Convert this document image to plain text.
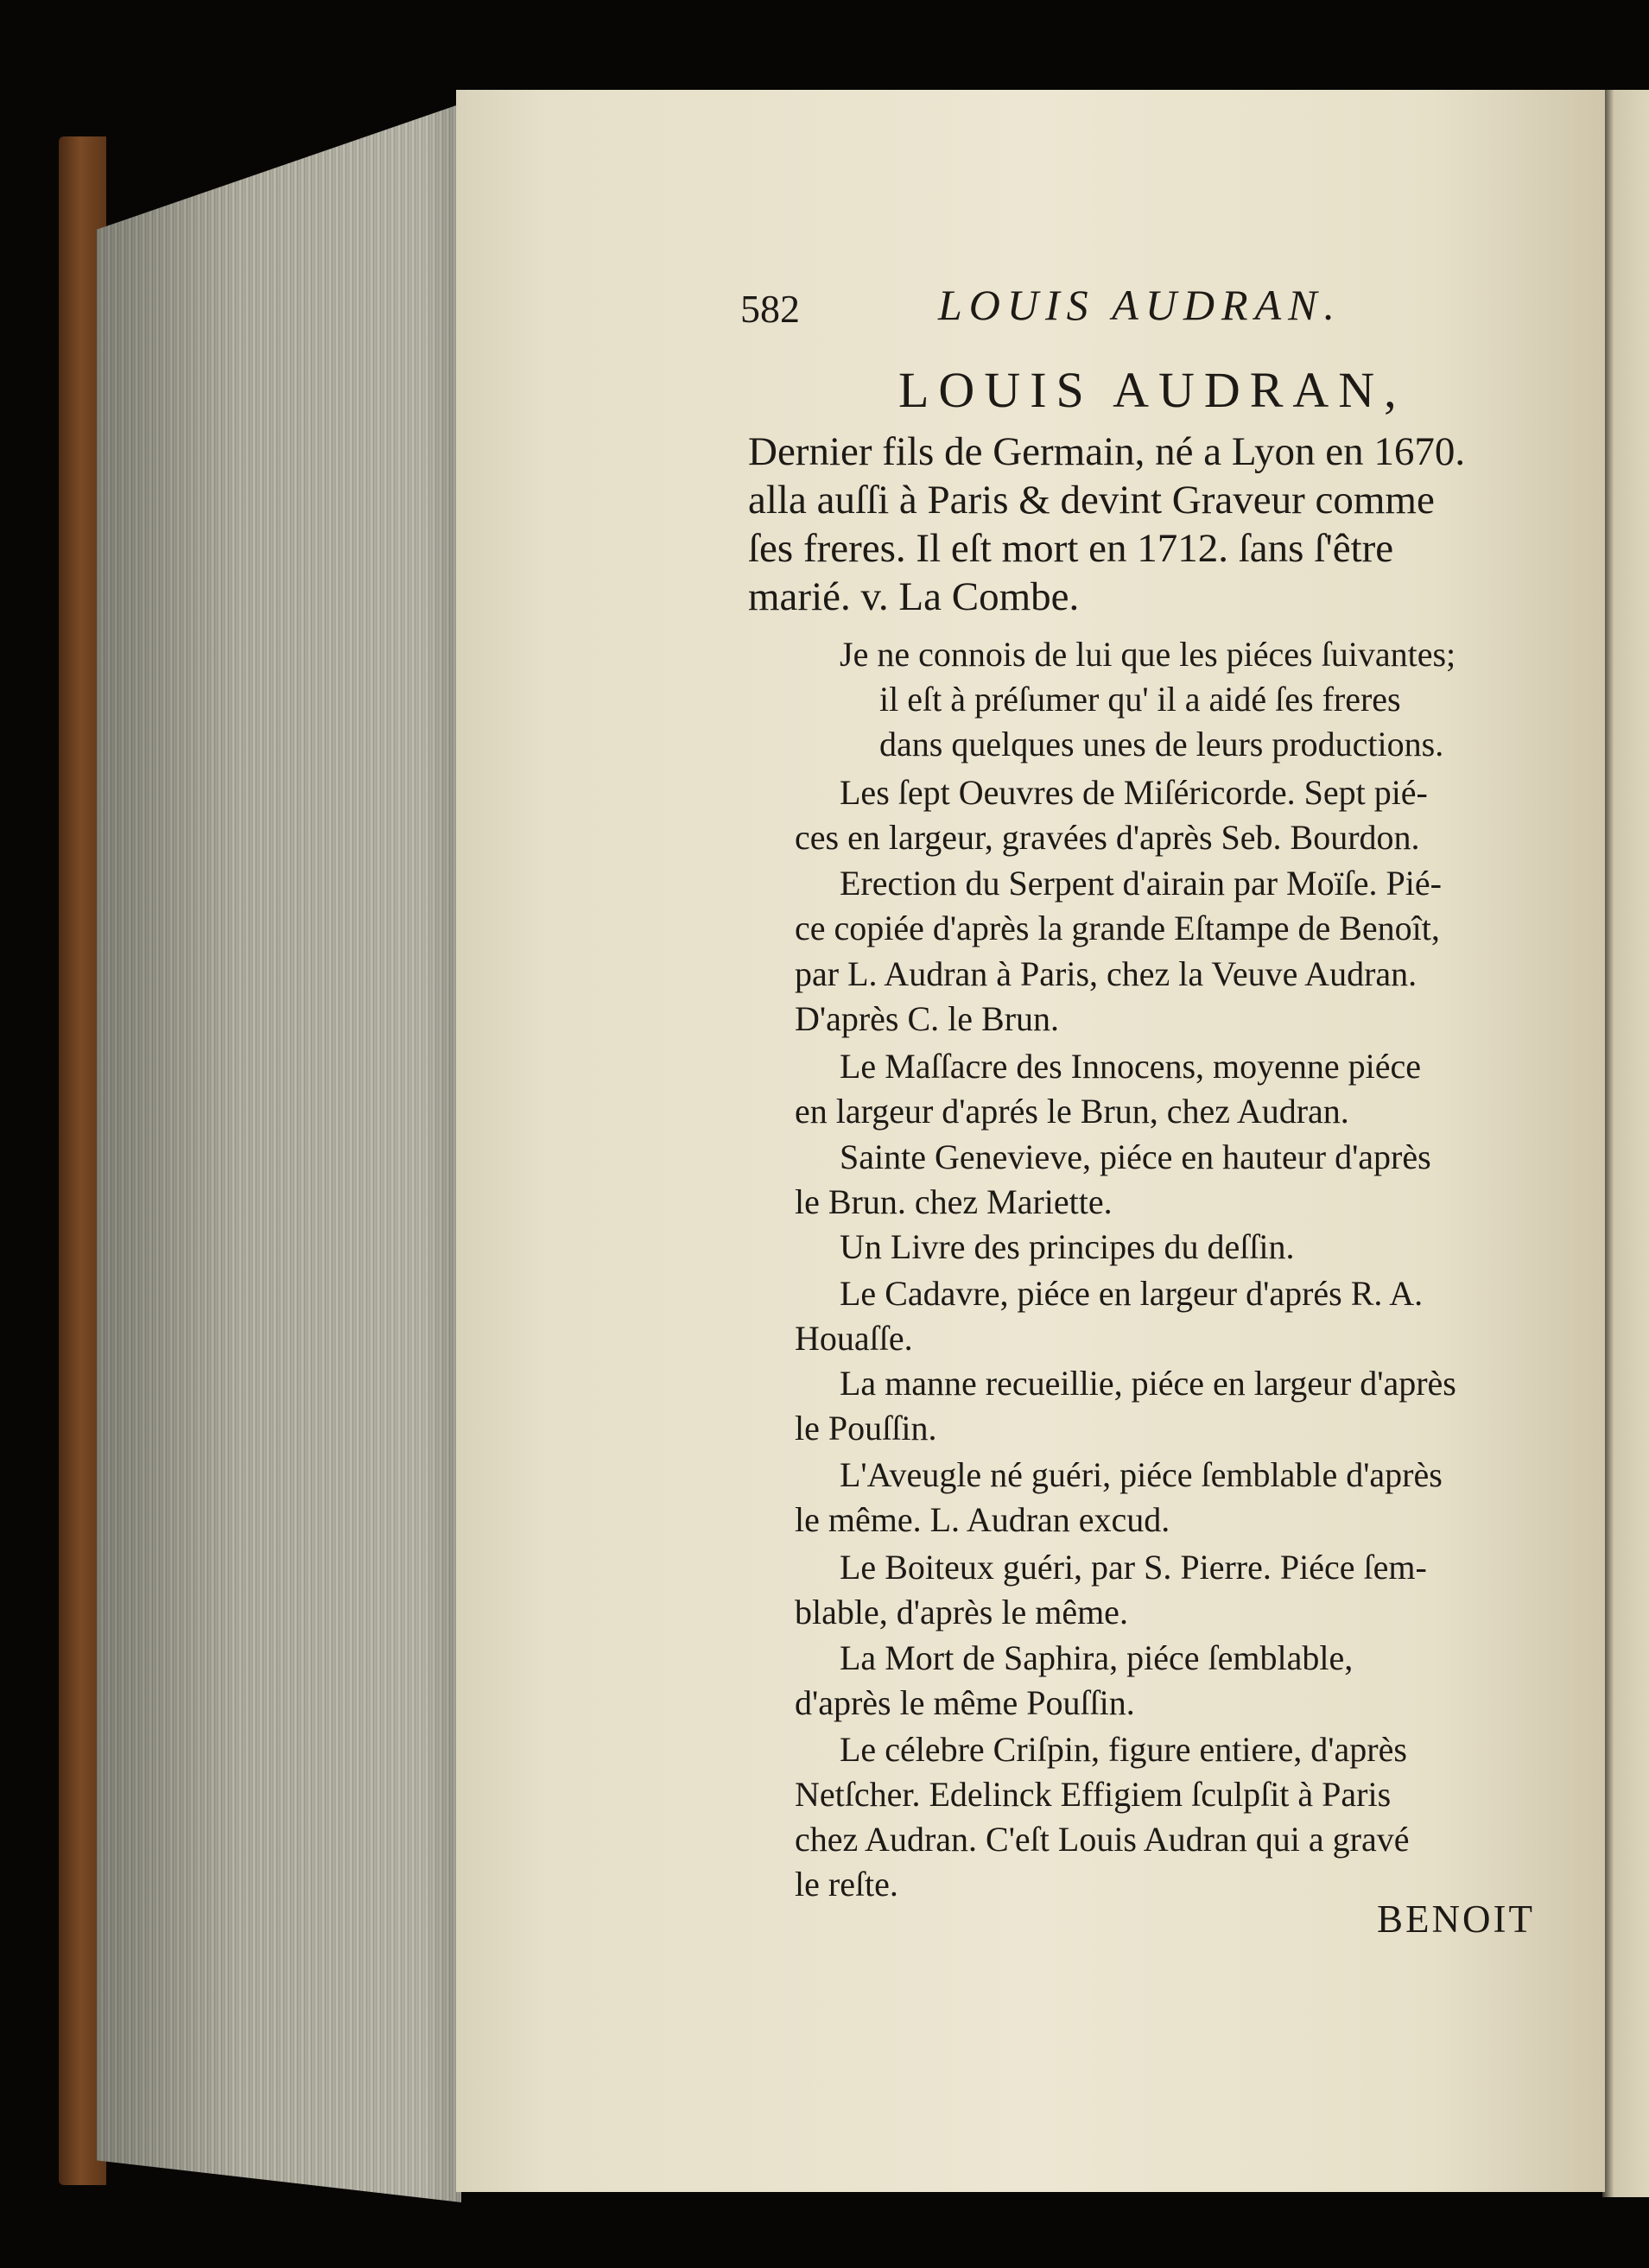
582	LOUIS AUDRAN.
LOUIS AUDRAN,
Dernier fils de Germain, né a Lyon en 1670.
alla auſſi à Paris & devint Graveur comme
ſes freres. Il eſt mort en 1712. ſans ſ'être
marié. v. La Combe.
Je ne connois de lui que les piéces ſuivantes;
il eſt à préſumer qu' il a aidé ſes freres
dans quelques unes de leurs productions.
Les ſept Oeuvres de Miſéricorde. Sept pié-
ces en largeur, gravées d'après Seb. Bourdon.
Erection du Serpent d'airain par Moïſe. Pié-
ce copiée d'après la grande Eſtampe de Benoît,
par L. Audran à Paris, chez la Veuve Audran.
D'après C. le Brun.
Le Maſſacre des Innocens, moyenne piéce
en largeur d'aprés le Brun, chez Audran.
Sainte Genevieve, piéce en hauteur d'après
le Brun. chez Mariette.
Un Livre des principes du deſſin.
Le Cadavre, piéce en largeur d'aprés R. A.
Houaſſe.
La manne recueillie, piéce en largeur d'après
le Pouſſin.
L'Aveugle né guéri, piéce ſemblable d'après
le même. L. Audran excud.
Le Boiteux guéri, par S. Pierre. Piéce ſem-
blable, d'après le même.
La Mort de Saphira, piéce ſemblable,
d'après le même Pouſſin.
Le célebre Criſpin, figure entiere, d'après
Netſcher. Edelinck Effigiem ſculpſit à Paris
chez Audran. C'eſt Louis Audran qui a gravé
le reſte.
BENOIT
